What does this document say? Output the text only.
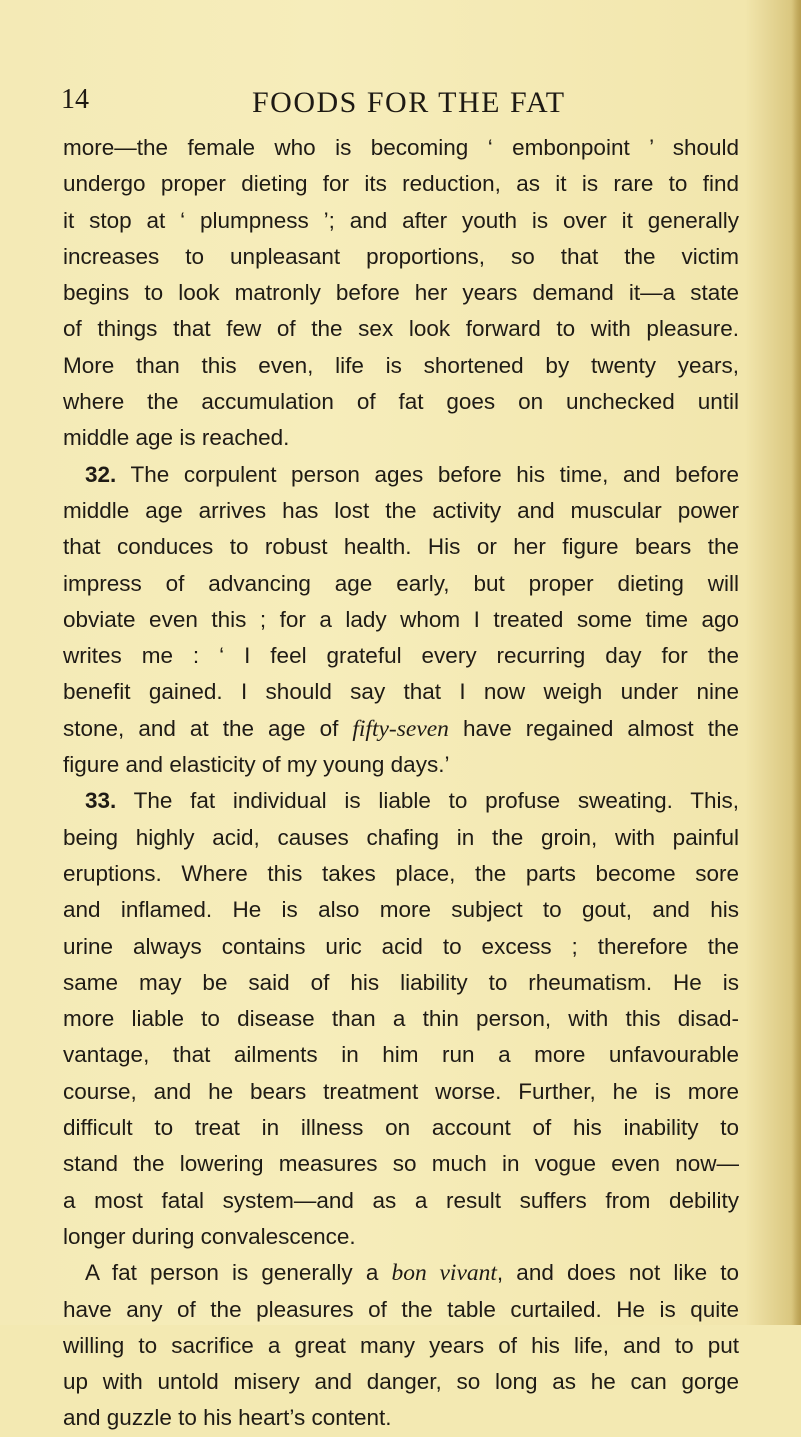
14	FOODS FOR THE FAT
more—the female who is becoming ‘ embonpoint ’ should
undergo proper dieting for its reduction, as it is rare to find
it stop at ‘ plumpness ’; and after youth is over it generally
increases to unpleasant proportions, so that the victim
begins to look matronly before her years demand it—a state
of things that few of the sex look forward to with pleasure.
More than this even, life is shortened by twenty years,
where the accumulation of fat goes on unchecked until
middle age is reached.
32. The corpulent person ages before his time, and before
middle age arrives has lost the activity and muscular power
that conduces to robust health. His or her figure bears the
impress of advancing age early, but proper dieting will
obviate even this ; for a lady whom I treated some time ago
writes me : ‘ I feel grateful every recurring day for the
benefit gained. I should say that I now weigh under nine
stone, and at the age of fifty-seven have regained almost the
figure and elasticity of my young days.’
33. The fat individual is liable to profuse sweating. This,
being highly acid, causes chafing in the groin, with painful
eruptions. Where this takes place, the parts become sore
and inflamed. He is also more subject to gout, and his
urine always contains uric acid to excess ; therefore the
same may be said of his liability to rheumatism. He is
more liable to disease than a thin person, with this disad-
vantage, that ailments in him run a more unfavourable
course, and he bears treatment worse. Further, he is more
difficult to treat in illness on account of his inability to
stand the lowering measures so much in vogue even now—
a most fatal system—and as a result suffers from debility
longer during convalescence.
A fat person is generally a bon vivant, and does not like to
have any of the pleasures of the table curtailed. He is quite
willing to sacrifice a great many years of his life, and to put
up with untold misery and danger, so long as he can gorge
and guzzle to his heart’s content.
